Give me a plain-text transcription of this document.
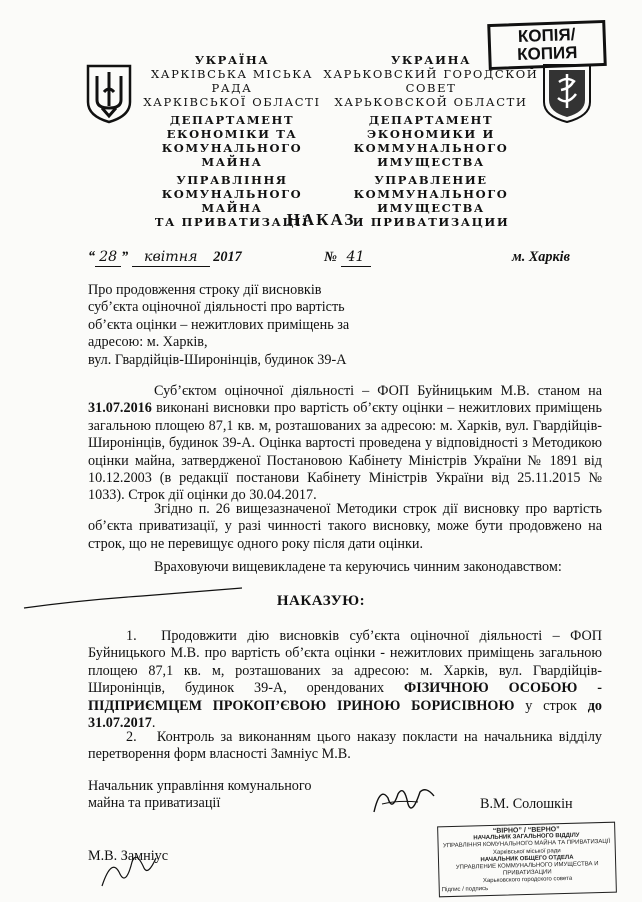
КОПІЯ/
КОПИЯ
УКРАЇНА
ХАРКІВСЬКА МІСЬКА РАДА
ХАРКІВСЬКОЇ ОБЛАСТІ
ДЕПАРТАМЕНТ
ЕКОНОМІКИ ТА
КОМУНАЛЬНОГО МАЙНА
УПРАВЛІННЯ
КОМУНАЛЬНОГО МАЙНА
ТА ПРИВАТИЗАЦІЇ
УКРАИНА
ХАРЬКОВСКИЙ ГОРОДСКОЙ
СОВЕТ
ХАРЬКОВСКОЙ ОБЛАСТИ
ДЕПАРТАМЕНТ ЭКОНОМИКИ И
КОММУНАЛЬНОГО ИМУЩЕСТВА
УПРАВЛЕНИЕ
КОММУНАЛЬНОГО ИМУЩЕСТВА
И ПРИВАТИЗАЦИИ
НАКАЗ
“ 28 ” квітня 2017	№ 41	м. Харків
Про продовження строку дії висновків
суб’єкта оціночної діяльності про вартість
об’єкта оцінки – нежитлових приміщень за
адресою: м. Харків,
вул. Гвардійців-Широнінців, будинок 39-А
Суб’єктом оціночної діяльності – ФОП Буйницьким М.В. станом на 31.07.2016 виконані висновки про вартість об’єкту оцінки – нежитлових приміщень загальною площею 87,1 кв. м, розташованих за адресою: м. Харків, вул. Гвардійців-Широнінців, будинок 39-А. Оцінка вартості проведена у відповідності з Методикою оцінки майна, затвердженої Постановою Кабінету Міністрів України № 1891 від 10.12.2003 (в редакції постанови Кабінету Міністрів України від 25.11.2015 № 1033). Строк дії оцінки до 30.04.2017.
Згідно п. 26 вищезазначеної Методики строк дії висновку про вартість об’єкта приватизації, у разі чинності такого висновку, може бути продовжено на строк, що не перевищує одного року після дати оцінки.
Враховуючи вищевикладене та керуючись чинним законодавством:
НАКАЗУЮ:
1. Продовжити дію висновків суб’єкта оціночної діяльності – ФОП Буйницького М.В. про вартість об’єкта оцінки - нежитлових приміщень загальною площею 87,1 кв. м, розташованих за адресою: м. Харків, вул. Гвардійців-Широнінців, будинок 39-А, орендованих ФІЗИЧНОЮ ОСОБОЮ - ПІДПРИЄМЦЕМ ПРОКОП’ЄВОЮ ІРИНОЮ БОРИСІВНОЮ у строк до 31.07.2017.
2. Контроль за виконанням цього наказу покласти на начальника відділу перетворення форм власності Замніус М.В.
Начальник управління комунального
майна та приватизації	В.М. Солошкін
М.В. Замніус
“ВІРНО” / “ВЕРНО”
НАЧАЛЬНИК ЗАГАЛЬНОГО ВІДДІЛУ
УПРАВЛІННЯ КОМУНАЛЬНОГО МАЙНА ТА ПРИВАТИЗАЦІЇ
Харківської міської ради
НАЧАЛЬНИК ОБЩЕГО ОТДЕЛА
УПРАВЛЕНИЕ КОММУНАЛЬНОГО ИМУЩЕСТВА И ПРИВАТИЗАЦИИ
Харьковского городского совета
Підпис / подпись
